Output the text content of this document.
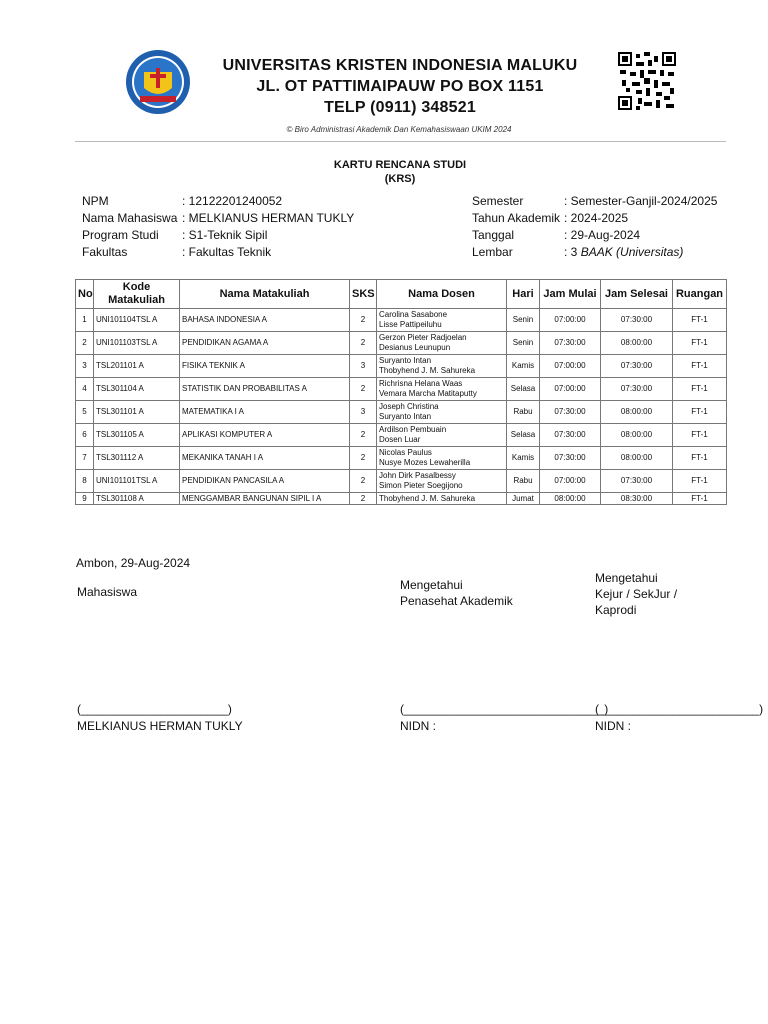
UNIVERSITAS KRISTEN INDONESIA MALUKU
JL. OT PATTIMAIPAUW PO BOX 1151
TELP (0911) 348521
© Biro Administrasi Akademik Dan Kemahasiswaan UKIM 2024
KARTU RENCANA STUDI
(KRS)
NPM	: 12122201240052
Nama Mahasiswa : MELKIANUS HERMAN TUKLY
Program Studi	: S1-Teknik Sipil
Fakultas	: Fakultas Teknik
Semester	: Semester-Ganjil-2024/2025
Tahun Akademik : 2024-2025
Tanggal	: 29-Aug-2024
Lembar	: 3
BAAK (Universitas)
No	Kode Matakuliah	Nama Matakuliah	SKS	Nama Dosen	Hari	Jam Mulai	Jam Selesai	Ruangan
1	UNI101104TSL A	BAHASA INDONESIA A	2	Carolina Sasabone
Lisse Pattipeiluhu	Senin	07:00:00	07:30:00	FT-1
2	UNI101103TSL A	PENDIDIKAN AGAMA A	2	Gerzon Pieter Radjoelan
Desianus Leunupun	Senin	07:30:00	08:00:00	FT-1
3	TSL201101 A	FISIKA TEKNIK A	3	Suryanto Intan
Thobyhend J. M. Sahureka	Kamis	07:00:00	07:30:00	FT-1
4	TSL301104 A	STATISTIK DAN PROBABILITAS A	2	Richrisna Helana Waas
Vemara Marcha Matitaputty	Selasa	07:00:00	07:30:00	FT-1
5	TSL301101 A	MATEMATIKA I A	3	Joseph Christina
Suryanto Intan	Rabu	07:30:00	08:00:00	FT-1
6	TSL301105 A	APLIKASI KOMPUTER A	2	Ardilson Pembuain
Dosen Luar	Selasa	07:30:00	08:00:00	FT-1
7	TSL301112 A	MEKANIKA TANAH I A	2	Nicolas Paulus
Nusye Mozes Lewaherilla	Kamis	07:30:00	08:00:00	FT-1
8	UNI101101TSL A	PENDIDIKAN PANCASILA A	2	John Dirk Pasalbessy
Simon Pieter Soegijono	Rabu	07:00:00	07:30:00	FT-1
9	TSL301108 A	MENGGAMBAR BANGUNAN SIPIL I A	2	Thobyhend J. M. Sahureka	Jumat	08:00:00	08:30:00	FT-1
Ambon, 29-Aug-2024
Mahasiswa	Mengetahui
Penasehat Akademik
Mengetahui
Kejur / SekJur /
Kaprodi
(______________________)
MELKIANUS HERMAN TUKLY
(______________________________)
NIDN :
(________________________)
NIDN :
